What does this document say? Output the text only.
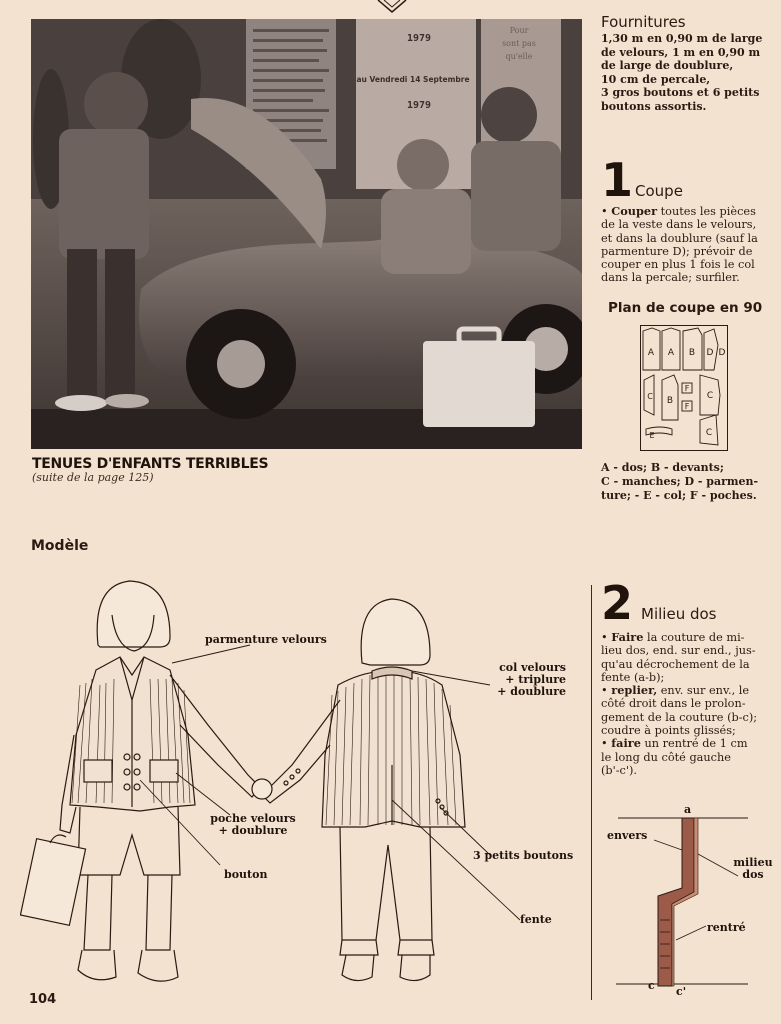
1979
au Vendredi 14 Septembre
1979
Pour
sont pas
qu'elle
TENUES D'ENFANTS TERRIBLES
(suite de la page 125)
Fournitures
1,30 m en 0,90 m de large
de velours, 1 m en 0,90 m
de large de doublure,
10 cm de percale,
3 gros boutons et 6 petits
boutons assortis.
1 Coupe
• Couper toutes les pièces
de la veste dans le velours,
et dans la doublure (sauf la
parmenture D); prévoir de
couper en plus 1 fois le col
dans la percale; surfiler.
Plan de coupe en 90
A A B D D
B
F
C
F
C
E
C
A - dos; B - devants;
C - manches; D - parmen-
ture; - E - col; F - poches.
Modèle
parmenture velours
col velours
+ triplure
+ doublure
poche velours
+ doublure
bouton
3 petits boutons
fente
2 Milieu dos
• Faire la couture de mi-
lieu dos, end. sur end., jus-
qu'au décrochement de la
fente (a-b);
• replier, env. sur env., le
côté droit dans le prolon-
gement de la couture (b-c);
coudre à points glissés;
• faire un rentré de 1 cm
le long du côté gauche
(b'-c').
a
envers
milieu
dos
rentré
c c'
104
